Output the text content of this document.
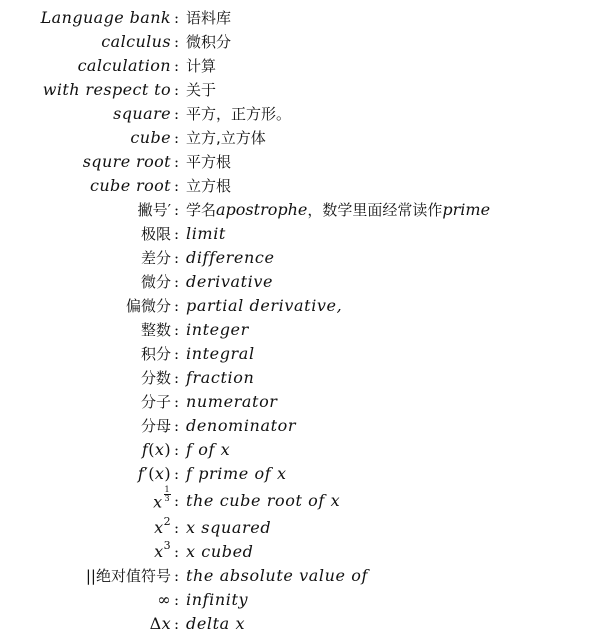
Language bank : 语料库
calculus : 微积分
calculation : 计算
with respect to : 关于
square : 平方，正方形。
cube : 立方,立方体
squre root : 平方根
cube root : 立方根
撇号′ : 学名apostrophe，数学里面经常读作prime
极限 : limit
差分 : difference
微分 : derivative
偏微分 : partial derivative,
整数 : integer
积分 : integral
分数 : fraction
分子 : numerator
分母 : denominator
f(x) : f of x
f′(x) : f prime of x
x $\frac{1}{3}$ : the cube root of x
$x^2$ : x squared
$x^3$ : x cubed
||绝对值符号 : the absolute value of
∞ : infinity
Δx : delta x
